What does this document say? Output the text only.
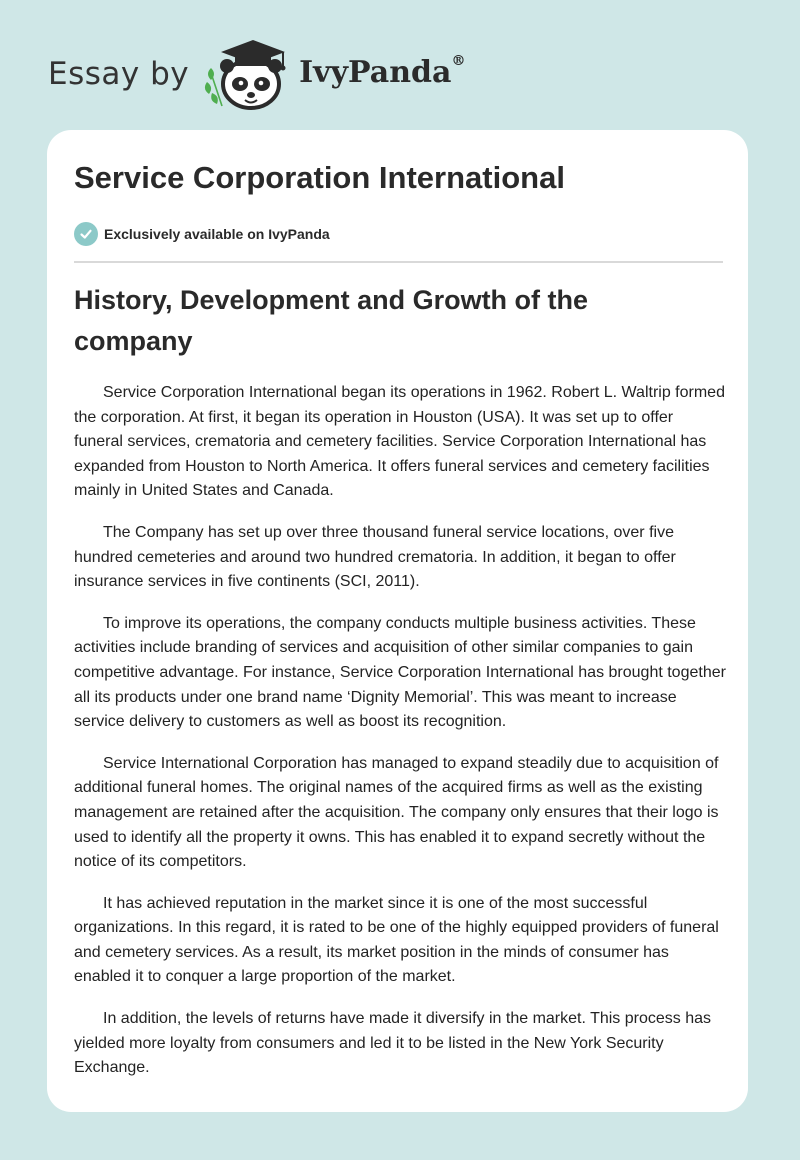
Essay by	IvyPanda®
Service Corporation International
Exclusively available on IvyPanda
History, Development and Growth of the company

Service Corporation International began its operations in 1962. Robert L. Waltrip formed the corporation. At first, it began its operation in Houston (USA). It was set up to offer funeral services, crematoria and cemetery facilities. Service Corporation International has expanded from Houston to North America. It offers funeral services and cemetery facilities mainly in United States and Canada.

The Company has set up over three thousand funeral service locations, over five hundred cemeteries and around two hundred crematoria. In addition, it began to offer insurance services in five continents (SCI, 2011).

To improve its operations, the company conducts multiple business activities. These activities include branding of services and acquisition of other similar companies to gain competitive advantage. For instance, Service Corporation International has brought together all its products under one brand name ‘Dignity Memorial’. This was meant to increase service delivery to customers as well as boost its recognition.

Service International Corporation has managed to expand steadily due to acquisition of additional funeral homes. The original names of the acquired firms as well as the existing management are retained after the acquisition. The company only ensures that their logo is used to identify all the property it owns. This has enabled it to expand secretly without the notice of its competitors.

It has achieved reputation in the market since it is one of the most successful organizations. In this regard, it is rated to be one of the highly equipped providers of funeral and cemetery services. As a result, its market position in the minds of consumer has enabled it to conquer a large proportion of the market.

In addition, the levels of returns have made it diversify in the market. This process has yielded more loyalty from consumers and led it to be listed in the New York Security Exchange.
